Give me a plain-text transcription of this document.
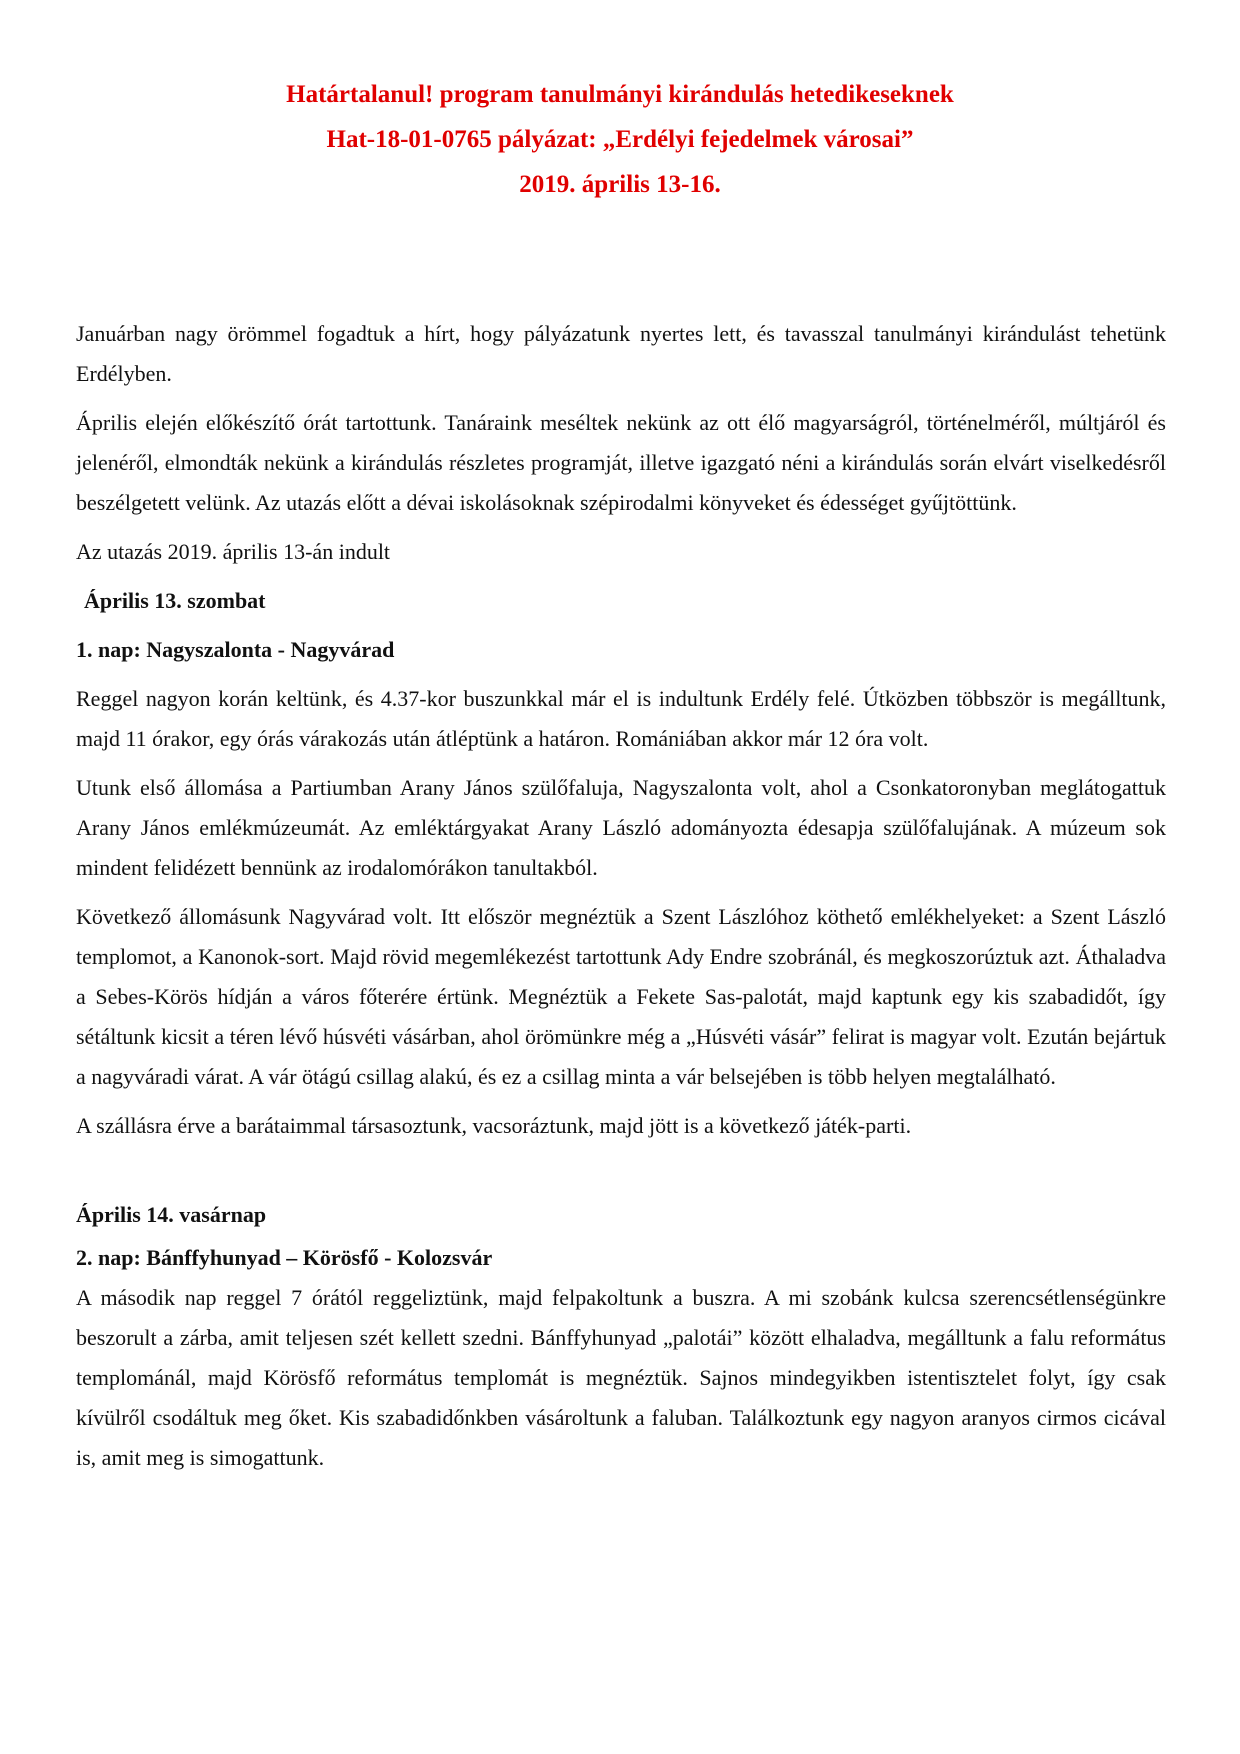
Határtalanul! program tanulmányi kirándulás hetedikeseknek
Hat-18-01-0765 pályázat: „Erdélyi fejedelmek városai”
2019. április 13-16.

Januárban nagy örömmel fogadtuk a hírt, hogy pályázatunk nyertes lett, és tavasszal tanulmányi kirándulást tehetünk Erdélyben.

Április elején előkészítő órát tartottunk. Tanáraink meséltek nekünk az ott élő magyarságról, történelméről, múltjáról és jelenéről, elmondták nekünk a kirándulás részletes programját, illetve igazgató néni a kirándulás során elvárt viselkedésről beszélgetett velünk. Az utazás előtt a dévai iskolásoknak szépirodalmi könyveket és édességet gyűjtöttünk.

Az utazás 2019. április 13-án indult

Április 13. szombat
1. nap: Nagyszalonta - Nagyvárad

Reggel nagyon korán keltünk, és 4.37-kor buszunkkal már el is indultunk Erdély felé. Útközben többször is megálltunk, majd 11 órakor, egy órás várakozás után átléptünk a határon. Romániában akkor már 12 óra volt.

Utunk első állomása a Partiumban Arany János szülőfaluja, Nagyszalonta volt, ahol a Csonkatoronyban meglátogattuk Arany János emlékmúzeumát. Az emléktárgyakat Arany László adományozta édesapja szülőfalujának. A múzeum sok mindent felidézett bennünk az irodalomórákon tanultakból.

Következő állomásunk Nagyvárad volt. Itt először megnéztük a Szent Lászlóhoz köthető emlékhelyeket: a Szent László templomot, a Kanonok-sort. Majd rövid megemlékezést tartottunk Ady Endre szobránál, és megkoszorúztuk azt. Áthaladva a Sebes-Körös hídján a város főterére értünk. Megnéztük a Fekete Sas-palotát, majd kaptunk egy kis szabadidőt, így sétáltunk kicsit a téren lévő húsvéti vásárban, ahol örömünkre még a „Húsvéti vásár” felirat is magyar volt. Ezután bejártuk a nagyváradi várat. A vár ötágú csillag alakú, és ez a csillag minta a vár belsejében is több helyen megtalálható.

A szállásra érve a barátaimmal társasoztunk, vacsoráztunk, majd jött is a következő játék-parti.

Április 14. vasárnap
2. nap: Bánffyhunyad – Körösfő - Kolozsvár

A második nap reggel 7 órától reggeliztünk, majd felpakoltunk a buszra. A mi szobánk kulcsa szerencsétlenségünkre beszorult a zárba, amit teljesen szét kellett szedni. Bánffyhunyad „palotái” között elhaladva, megálltunk a falu református templománál, majd Körösfő református templomát is megnéztük. Sajnos mindegyikben istentisztelet folyt, így csak kívülről csodáltuk meg őket. Kis szabadidőnkben vásároltunk a faluban. Találkoztunk egy nagyon aranyos cirmos cicával is, amit meg is simogattunk.
